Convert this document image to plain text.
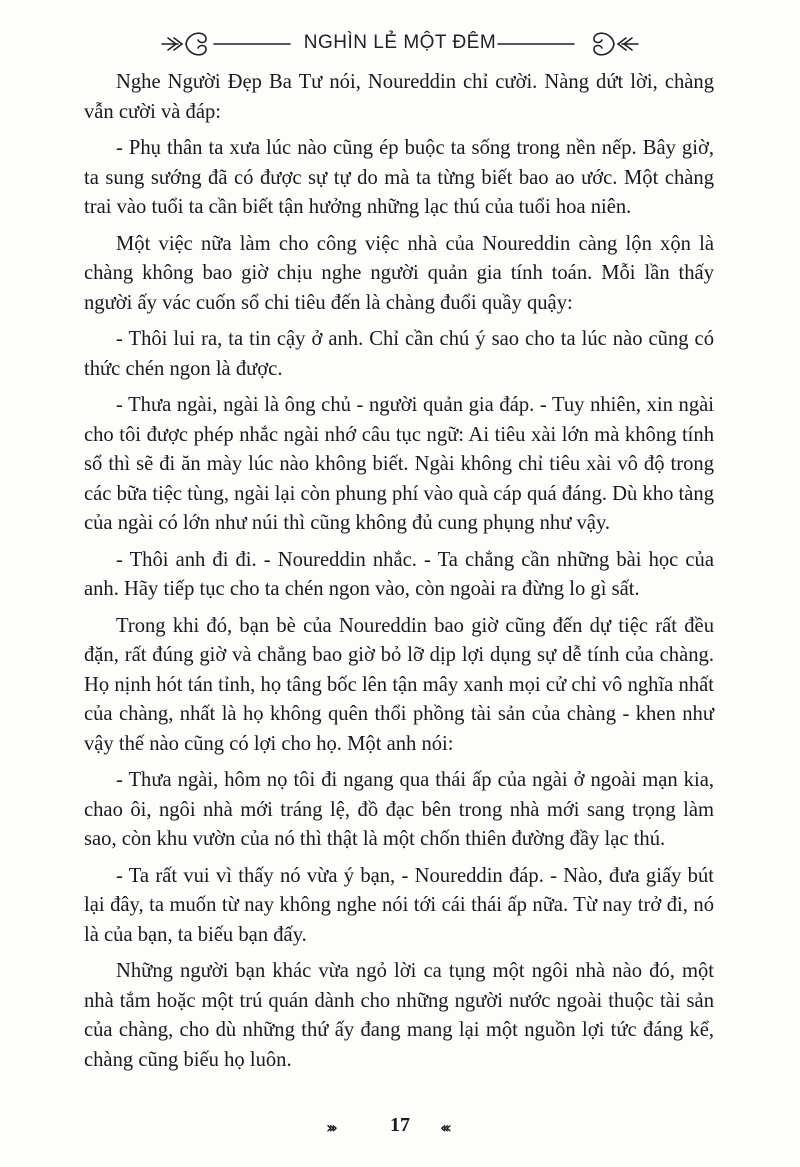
NGHÌN LẺ MỘT ĐÊM

Nghe Người Đẹp Ba Tư nói, Noureddin chỉ cười. Nàng dứt lời, chàng vẫn cười và đáp:

- Phụ thân ta xưa lúc nào cũng ép buộc ta sống trong nền nếp. Bây giờ, ta sung sướng đã có được sự tự do mà ta từng biết bao ao ước. Một chàng trai vào tuổi ta cần biết tận hưởng những lạc thú của tuổi hoa niên.

Một việc nữa làm cho công việc nhà của Noureddin càng lộn xộn là chàng không bao giờ chịu nghe người quản gia tính toán. Mỗi lần thấy người ấy vác cuốn sổ chi tiêu đến là chàng đuổi quầy quậy:

- Thôi lui ra, ta tin cậy ở anh. Chỉ cần chú ý sao cho ta lúc nào cũng có thức chén ngon là được.

- Thưa ngài, ngài là ông chủ - người quản gia đáp. - Tuy nhiên, xin ngài cho tôi được phép nhắc ngài nhớ câu tục ngữ: Ai tiêu xài lớn mà không tính sổ thì sẽ đi ăn mày lúc nào không biết. Ngài không chỉ tiêu xài vô độ trong các bữa tiệc tùng, ngài lại còn phung phí vào quà cáp quá đáng. Dù kho tàng của ngài có lớn như núi thì cũng không đủ cung phụng như vậy.

- Thôi anh đi đi. - Noureddin nhắc. - Ta chẳng cần những bài học của anh. Hãy tiếp tục cho ta chén ngon vào, còn ngoài ra đừng lo gì sất.

Trong khi đó, bạn bè của Noureddin bao giờ cũng đến dự tiệc rất đều đặn, rất đúng giờ và chẳng bao giờ bỏ lỡ dịp lợi dụng sự dễ tính của chàng. Họ nịnh hót tán tỉnh, họ tâng bốc lên tận mây xanh mọi cử chỉ vô nghĩa nhất của chàng, nhất là họ không quên thổi phồng tài sản của chàng - khen như vậy thế nào cũng có lợi cho họ. Một anh nói:

- Thưa ngài, hôm nọ tôi đi ngang qua thái ấp của ngài ở ngoài mạn kia, chao ôi, ngôi nhà mới tráng lệ, đồ đạc bên trong nhà mới sang trọng làm sao, còn khu vườn của nó thì thật là một chốn thiên đường đầy lạc thú.

- Ta rất vui vì thấy nó vừa ý bạn, - Noureddin đáp. - Nào, đưa giấy bút lại đây, ta muốn từ nay không nghe nói tới cái thái ấp nữa. Từ nay trở đi, nó là của bạn, ta biếu bạn đấy.

Những người bạn khác vừa ngỏ lời ca tụng một ngôi nhà nào đó, một nhà tắm hoặc một trú quán dành cho những người nước ngoài thuộc tài sản của chàng, cho dù những thứ ấy đang mang lại một nguồn lợi tức đáng kể, chàng cũng biếu họ luôn.

›››	17	‹‹‹
